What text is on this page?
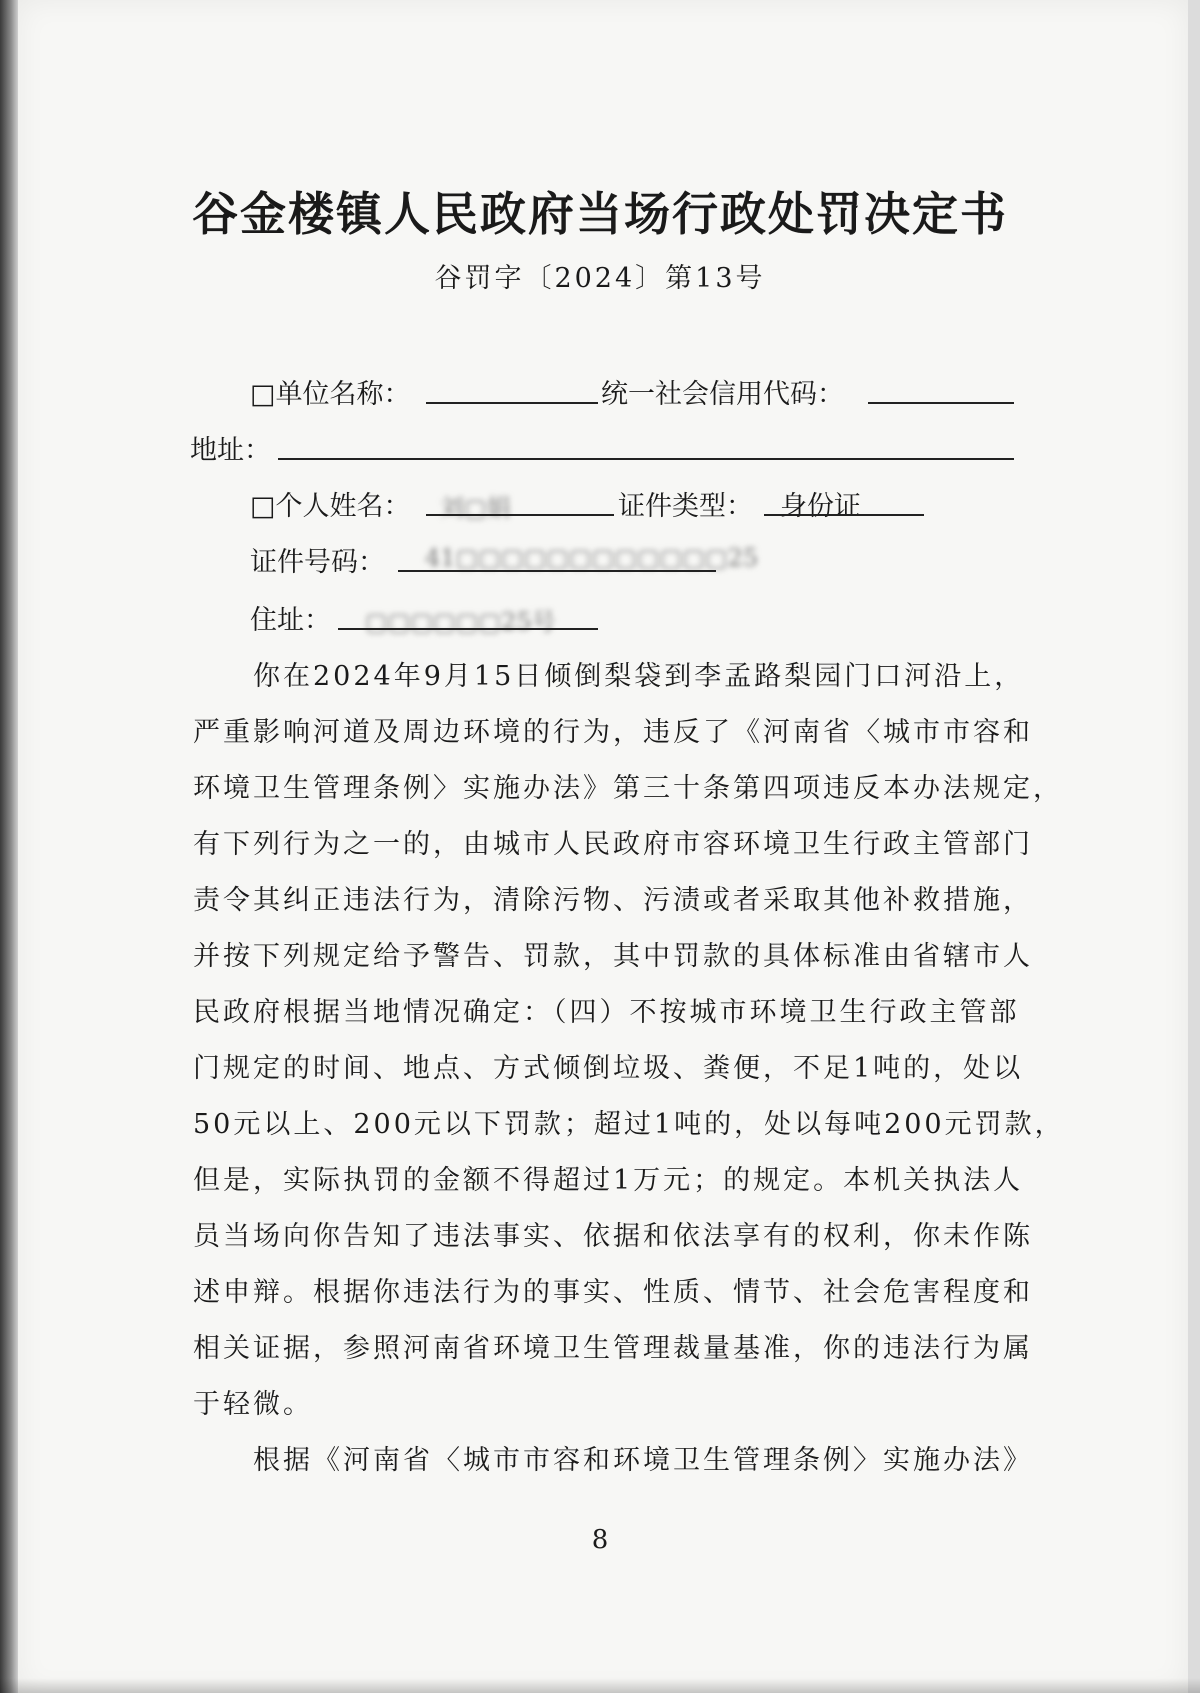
谷金楼镇人民政府当场行政处罚决定书
谷罚字〔2024〕第13号
□单位名称：	统一社会信用代码：
地址：
□个人姓名： 刘▢娟	证件类型： 身份证
证件号码： 41▢▢▢▢▢▢▢▢▢▢▢▢25
住址： ▢▢▢▢▢▢25号
你在2024年9月15日倾倒梨袋到李孟路梨园门口河沿上，
严重影响河道及周边环境的行为，违反了《河南省〈城市市容和
环境卫生管理条例〉实施办法》第三十条第四项违反本办法规定，
有下列行为之一的，由城市人民政府市容环境卫生行政主管部门
责令其纠正违法行为，清除污物、污渍或者采取其他补救措施，
并按下列规定给予警告、罚款，其中罚款的具体标准由省辖市人
民政府根据当地情况确定：（四）不按城市环境卫生行政主管部
门规定的时间、地点、方式倾倒垃圾、粪便，不足1吨的，处以
50元以上、200元以下罚款；超过1吨的，处以每吨200元罚款，
但是，实际执罚的金额不得超过1万元；的规定。本机关执法人
员当场向你告知了违法事实、依据和依法享有的权利，你未作陈
述申辩。根据你违法行为的事实、性质、情节、社会危害程度和
相关证据，参照河南省环境卫生管理裁量基准，你的违法行为属
于轻微。
根据《河南省〈城市市容和环境卫生管理条例〉实施办法》
8
